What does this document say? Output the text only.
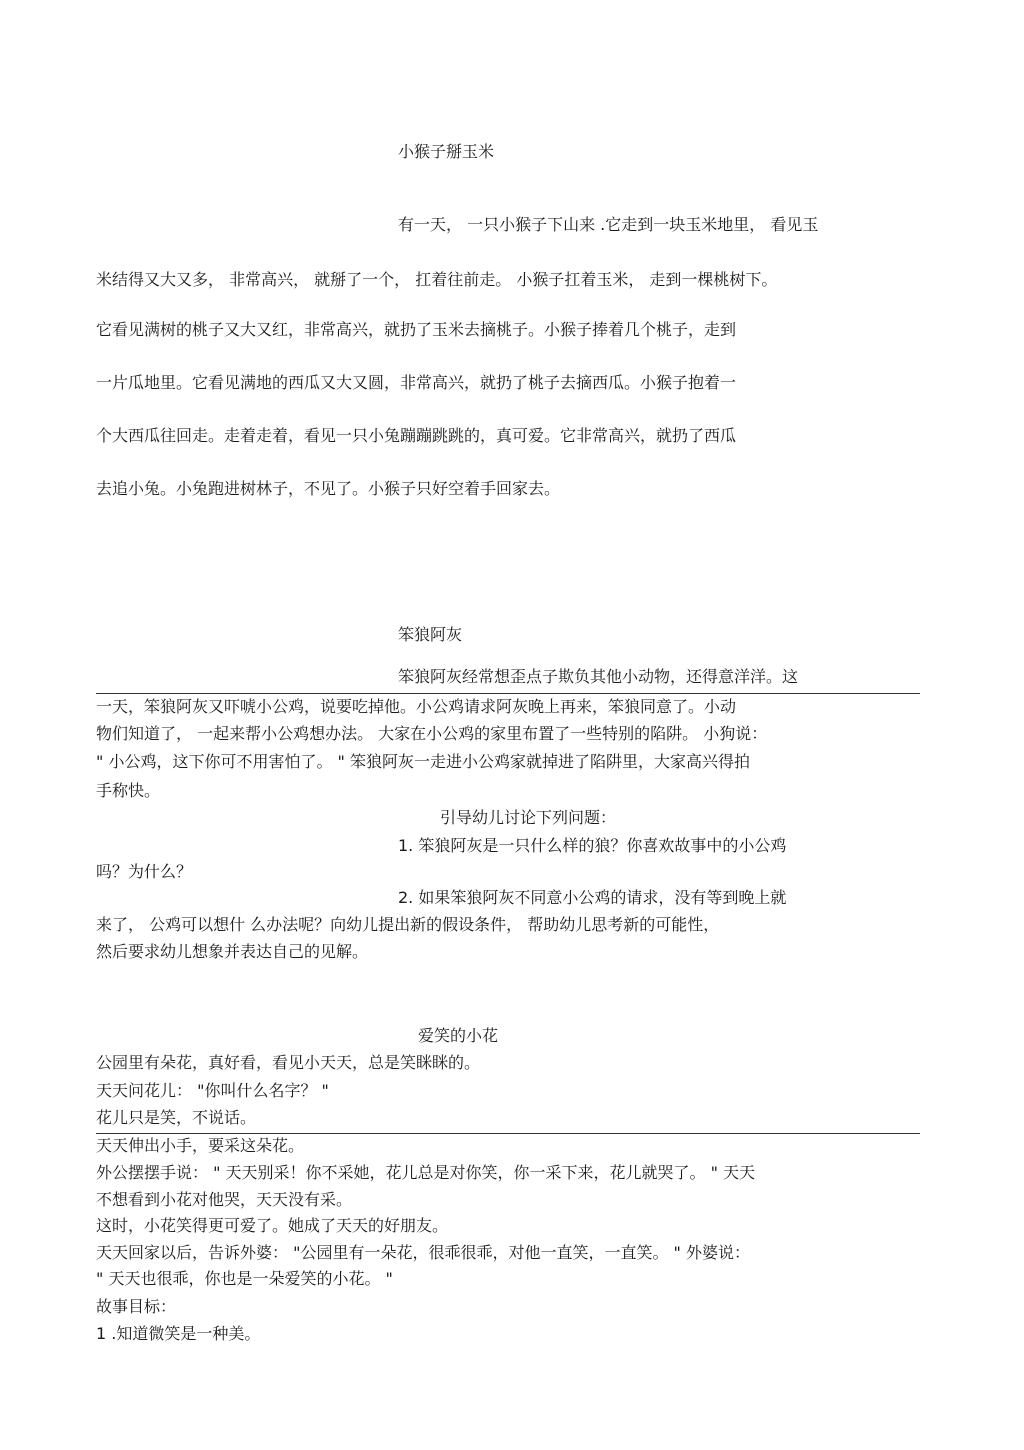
小猴子掰玉米
有一天， 一只小猴子下山来 .它走到一块玉米地里， 看见玉
米结得又大又多， 非常高兴， 就掰了一个， 扛着往前走。 小猴子扛着玉米， 走到一棵桃树下。
它看见满树的桃子又大又红，非常高兴，就扔了玉米去摘桃子。小猴子捧着几个桃子，走到
一片瓜地里。它看见满地的西瓜又大又圆，非常高兴，就扔了桃子去摘西瓜。小猴子抱着一
个大西瓜往回走。走着走着，看见一只小兔蹦蹦跳跳的，真可爱。它非常高兴，就扔了西瓜
去追小兔。小兔跑进树林子，不见了。小猴子只好空着手回家去。
笨狼阿灰
笨狼阿灰经常想歪点子欺负其他小动物，还得意洋洋。这
一天，笨狼阿灰又吓唬小公鸡，说要吃掉他。小公鸡请求阿灰晚上再来，笨狼同意了。小动
物们知道了， 一起来帮小公鸡想办法。 大家在小公鸡的家里布置了一些特别的陷阱。 小狗说：
" 小公鸡，这下你可不用害怕了。 " 笨狼阿灰一走进小公鸡家就掉进了陷阱里，大家高兴得拍
手称快。
引导幼儿讨论下列问题：
1. 笨狼阿灰是一只什么样的狼？你喜欢故事中的小公鸡
吗？为什么？
2. 如果笨狼阿灰不同意小公鸡的请求，没有等到晚上就
来了， 公鸡可以想什 么办法呢？向幼儿提出新的假设条件， 帮助幼儿思考新的可能性，
然后要求幼儿想象并表达自己的见解。
爱笑的小花
公园里有朵花，真好看，看见小天天，总是笑眯眯的。
天天问花儿： "你叫什么名字？ "
花儿只是笑，不说话。
天天伸出小手，要采这朵花。
外公摆摆手说： " 天天别采！你不采她，花儿总是对你笑，你一采下来，花儿就哭了。 " 天天
不想看到小花对他哭，天天没有采。
这时，小花笑得更可爱了。她成了天天的好朋友。
天天回家以后，告诉外婆： "公园里有一朵花，很乖很乖，对他一直笑，一直笑。 " 外婆说：
" 天天也很乖，你也是一朵爱笑的小花。 "
故事目标：
1 .知道微笑是一种美。
